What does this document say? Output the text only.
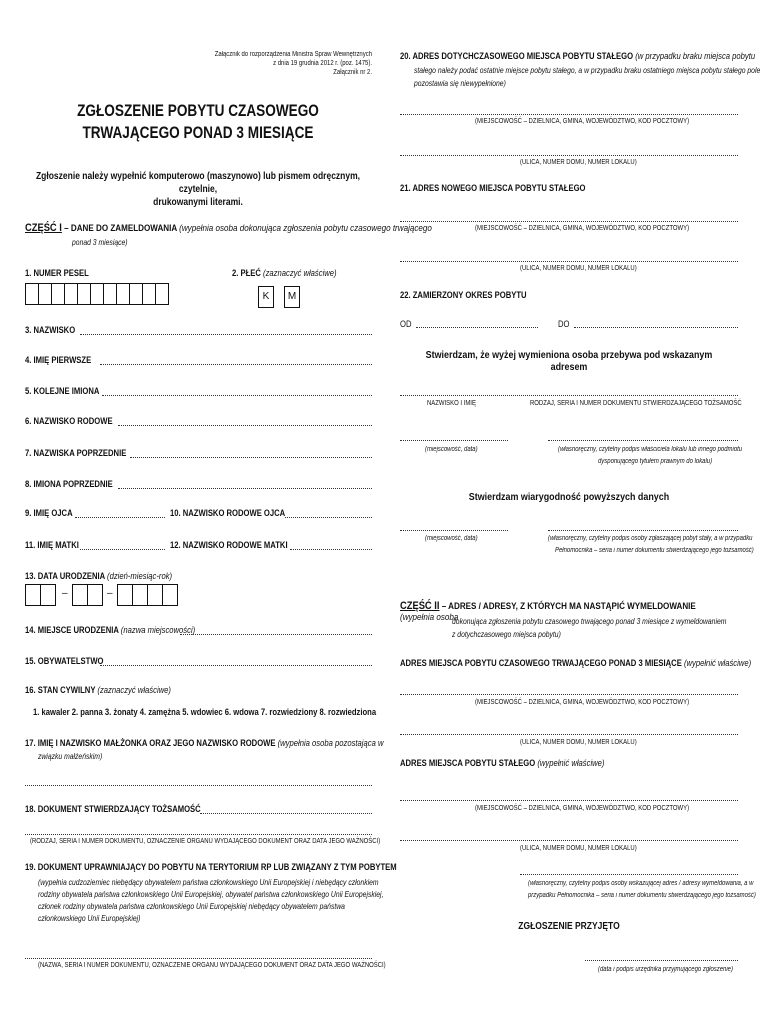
Załącznik do rozporządzenia Ministra Spraw Wewnętrznych
z dnia 19 grudnia 2012 r. (poz. 1475).
Załącznik nr 2.
ZGŁOSZENIE POBYTU CZASOWEGO
TRWAJĄCEGO PONAD 3 MIESIĄCE
Zgłoszenie należy wypełnić komputerowo (maszynowo) lub pismem odręcznym, czytelnie,
drukowanymi literami.
CZĘŚĆ I – DANE DO ZAMELDOWANIA (wypełnia osoba dokonująca zgłoszenia pobytu czasowego trwającego
ponad 3 miesiące)
1. NUMER PESEL	2. PŁEĆ (zaznaczyć właściwe)
K	M
3. NAZWISKO
4. IMIĘ PIERWSZE
5. KOLEJNE IMIONA
6. NAZWISKO RODOWE
7. NAZWISKA POPRZEDNIE
8. IMIONA POPRZEDNIE
9. IMIĘ OJCA	10. NAZWISKO RODOWE OJCA
11. IMIĘ MATKI	12. NAZWISKO RODOWE MATKI
13. DATA URODZENIA (dzień-miesiąc-rok)
–	–
14. MIEJSCE URODZENIA (nazwa miejscowości)
15. OBYWATELSTWO
16. STAN CYWILNY (zaznaczyć właściwe)
1. kawaler 2. panna 3. żonaty 4. zamężna 5. wdowiec 6. wdowa 7. rozwiedziony 8. rozwiedziona
17. IMIĘ I NAZWISKO MAŁŻONKA ORAZ JEGO NAZWISKO RODOWE (wypełnia osoba pozostająca w
związku małżeńskim)
18. DOKUMENT STWIERDZAJĄCY TOŻSAMOŚĆ
(RODZAJ, SERIA I NUMER DOKUMENTU, OZNACZENIE ORGANU WYDAJĄCEGO DOKUMENT ORAZ DATA JEGO WAŻNOŚCI)
19. DOKUMENT UPRAWNIAJĄCY DO POBYTU NA TERYTORIUM RP LUB ZWIĄZANY Z TYM POBYTEM
(wypełnia cudzoziemiec niebędący obywatelem państwa członkowskiego Unii Europejskiej i niebędący członkiem
rodziny obywatela państwa członkowskiego Unii Europejskiej, obywatel państwa członkowskiego Unii Europejskiej,
członek rodziny obywatela państwa członkowskiego Unii Europejskiej niebędący obywatelem państwa
członkowskiego Unii Europejskiej)
(NAZWA, SERIA I NUMER DOKUMENTU, OZNACZENIE ORGANU WYDAJĄCEGO DOKUMENT ORAZ DATA JEGO WAŻNOŚCI)
20. ADRES DOTYCHCZASOWEGO MIEJSCA POBYTU STAŁEGO (w przypadku braku miejsca pobytu
stałego należy podać ostatnie miejsce pobytu stałego, a w przypadku braku ostatniego miejsca pobytu stałego pole
pozostawia się niewypełnione)
(MIEJSCOWOŚĆ – DZIELNICA, GMINA, WOJEWÓDZTWO, KOD POCZTOWY)
(ULICA, NUMER DOMU, NUMER LOKALU)
21. ADRES NOWEGO MIEJSCA POBYTU STAŁEGO
(MIEJSCOWOŚĆ – DZIELNICA, GMINA, WOJEWÓDZTWO, KOD POCZTOWY)
(ULICA, NUMER DOMU, NUMER LOKALU)
22. ZAMIERZONY OKRES POBYTU
OD	DO
Stwierdzam, że wyżej wymieniona osoba przebywa pod wskazanym adresem
NAZWISKO I IMIĘ	RODZAJ, SERIA I NUMER DOKUMENTU STWIERDZAJĄCEGO TOŻSAMOŚĆ
(miejscowość, data)	(własnoręczny, czytelny podpis właściciela lokalu lub innego podmiotu
dysponującego tytułem prawnym do lokalu)
Stwierdzam wiarygodność powyższych danych
(miejscowość, data)	(własnoręczny, czytelny podpis osoby zgłaszającej pobyt stały, a w przypadku
Pełnomocnika – seria i numer dokumentu stwierdzającego jego tożsamość)
CZĘŚĆ II – ADRES / ADRESY, Z KTÓRYCH MA NASTĄPIĆ WYMELDOWANIE (wypełnia osoba
dokonująca zgłoszenia pobytu czasowego trwającego ponad 3 miesiące z wymeldowaniem
z dotychczasowego miejsca pobytu)
ADRES MIEJSCA POBYTU CZASOWEGO TRWAJĄCEGO PONAD 3 MIESIĄCE (wypełnić właściwe)
(MIEJSCOWOŚĆ – DZIELNICA, GMINA, WOJEWÓDZTWO, KOD POCZTOWY)
(ULICA, NUMER DOMU, NUMER LOKALU)
ADRES MIEJSCA POBYTU STAŁEGO (wypełnić właściwe)
(MIEJSCOWOŚĆ – DZIELNICA, GMINA, WOJEWÓDZTWO, KOD POCZTOWY)
(ULICA, NUMER DOMU, NUMER LOKALU)
(własnoręczny, czytelny podpis osoby wskazującej adres / adresy wymeldowania, a w
przypadku Pełnomocnika – seria i numer dokumentu stwierdzającego jego tożsamość)
ZGŁOSZENIE PRZYJĘTO
(data i podpis urzędnika przyjmującego zgłoszenie)
